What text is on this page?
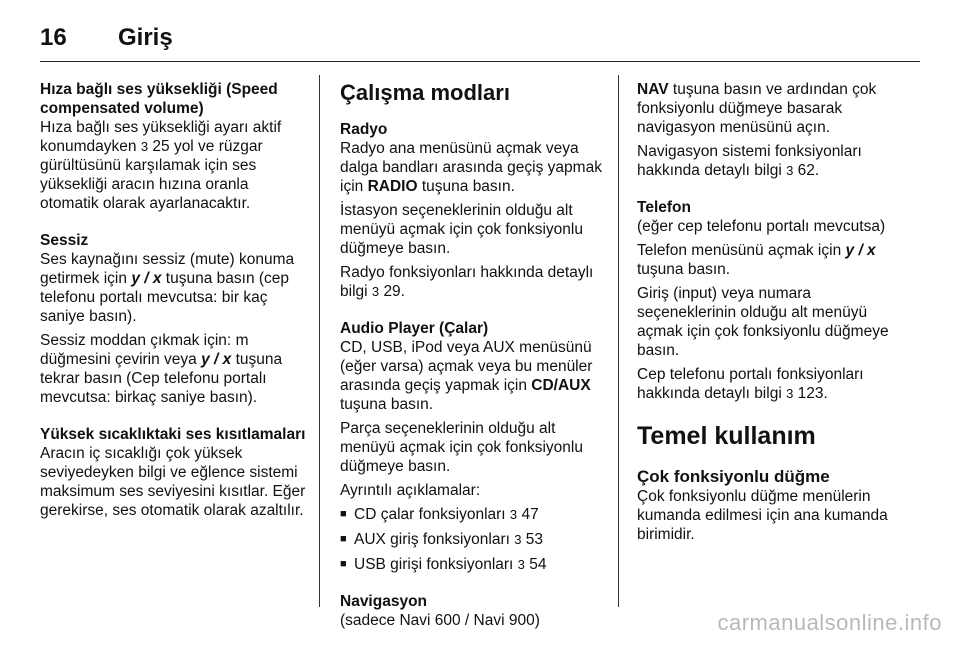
16	Giriş
Hıza bağlı ses yüksekliği (Speed compensated volume)

Hıza bağlı ses yüksekliği ayarı aktif konumdayken 3 25 yol ve rüzgar gürültüsünü karşılamak için ses yüksekliği aracın hızına oranla otomatik olarak ayarlanacaktır.

Sessiz

Ses kaynağını sessiz (mute) konuma getirmek için y / x tuşuna basın (cep telefonu portalı mevcutsa: bir kaç saniye basın).

Sessiz moddan çıkmak için: m düğmesini çevirin veya y / x tuşuna tekrar basın (Cep telefonu portalı mevcutsa: birkaç saniye basın).

Yüksek sıcaklıktaki ses kısıtlamaları

Aracın iç sıcaklığı çok yüksek seviyedeyken bilgi ve eğlence sistemi maksimum ses seviyesini kısıtlar. Eğer gerekirse, ses otomatik olarak azaltılır.

Çalışma modları
Radyo

Radyo ana menüsünü açmak veya dalga bandları arasında geçiş yapmak için RADIO tuşuna basın.

İstasyon seçeneklerinin olduğu alt menüyü açmak için çok fonksiyonlu düğmeye basın.

Radyo fonksiyonları hakkında detaylı bilgi 3 29.

Audio Player (Çalar)

CD, USB, iPod veya AUX menüsünü (eğer varsa) açmak veya bu menüler arasında geçiş yapmak için CD/AUX tuşuna basın.

Parça seçeneklerinin olduğu alt menüyü açmak için çok fonksiyonlu düğmeye basın.

Ayrıntılı açıklamalar:

■ CD çalar fonksiyonları 3 47
■ AUX giriş fonksiyonları 3 53
■ USB girişi fonksiyonları 3 54
Navigasyon

(sadece Navi 600 / Navi 900)

NAV tuşuna basın ve ardından çok fonksiyonlu düğmeye basarak navigasyon menüsünü açın.

Navigasyon sistemi fonksiyonları hakkında detaylı bilgi 3 62.

Telefon

(eğer cep telefonu portalı mevcutsa)

Telefon menüsünü açmak için y / x tuşuna basın.

Giriş (input) veya numara seçeneklerinin olduğu alt menüyü açmak için çok fonksiyonlu düğmeye basın.

Cep telefonu portalı fonksiyonları hakkında detaylı bilgi 3 123.

Temel kullanım
Çok fonksiyonlu düğme

Çok fonksiyonlu düğme menülerin kumanda edilmesi için ana kumanda birimidir.

carmanualsonline.info
